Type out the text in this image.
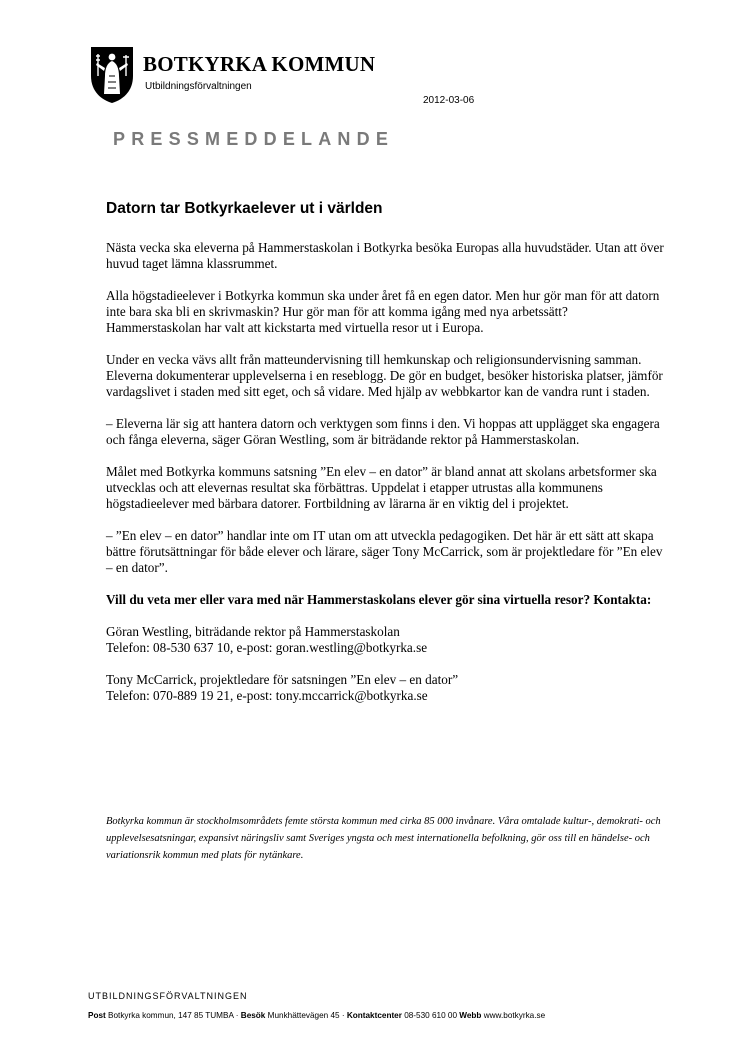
BOTKYRKA KOMMUN
Utbildningsförvaltningen
2012-03-06
PRESSMEDDELANDE
Datorn tar Botkyrkaelever ut i världen

Nästa vecka ska eleverna på Hammerstaskolan i Botkyrka besöka Europas alla huvudstäder. Utan att över huvud taget lämna klassrummet.

Alla högstadieelever i Botkyrka kommun ska under året få en egen dator. Men hur gör man för att datorn inte bara ska bli en skrivmaskin? Hur gör man för att komma igång med nya arbetssätt? Hammerstaskolan har valt att kickstarta med virtuella resor ut i Europa.

Under en vecka vävs allt från matteundervisning till hemkunskap och religionsundervisning samman. Eleverna dokumenterar upplevelserna i en reseblogg. De gör en budget, besöker historiska platser, jämför vardagslivet i staden med sitt eget, och så vidare. Med hjälp av webbkartor kan de vandra runt i staden.

– Eleverna lär sig att hantera datorn och verktygen som finns i den. Vi hoppas att upplägget ska engagera och fånga eleverna, säger Göran Westling, som är biträdande rektor på Hammerstaskolan.

Målet med Botkyrka kommuns satsning ”En elev – en dator” är bland annat att skolans arbetsformer ska utvecklas och att elevernas resultat ska förbättras. Uppdelat i etapper utrustas alla kommunens högstadieelever med bärbara datorer. Fortbildning av lärarna är en viktig del i projektet.

– ”En elev – en dator” handlar inte om IT utan om att utveckla pedagogiken. Det här är ett sätt att skapa bättre förutsättningar för både elever och lärare, säger Tony McCarrick, som är projektledare för ”En elev – en dator”.

Vill du veta mer eller vara med när Hammerstaskolans elever gör sina virtuella resor? Kontakta:

Göran Westling, biträdande rektor på Hammerstaskolan
Telefon: 08-530 637 10, e-post: goran.westling@botkyrka.se

Tony McCarrick, projektledare för satsningen ”En elev – en dator”
Telefon: 070-889 19 21, e-post: tony.mccarrick@botkyrka.se

Botkyrka kommun är stockholmsområdets femte största kommun med cirka 85 000 invånare. Våra omtalade kultur-, demokrati- och upplevelsesatsningar, expansivt näringsliv samt Sveriges yngsta och mest internationella befolkning, gör oss till en händelse- och variationsrik kommun med plats för nytänkare.
UTBILDNINGSFÖRVALTNINGEN
Post Botkyrka kommun, 147 85 TUMBA · Besök Munkhättevägen 45 · Kontaktcenter 08-530 610 00 Webb www.botkyrka.se
